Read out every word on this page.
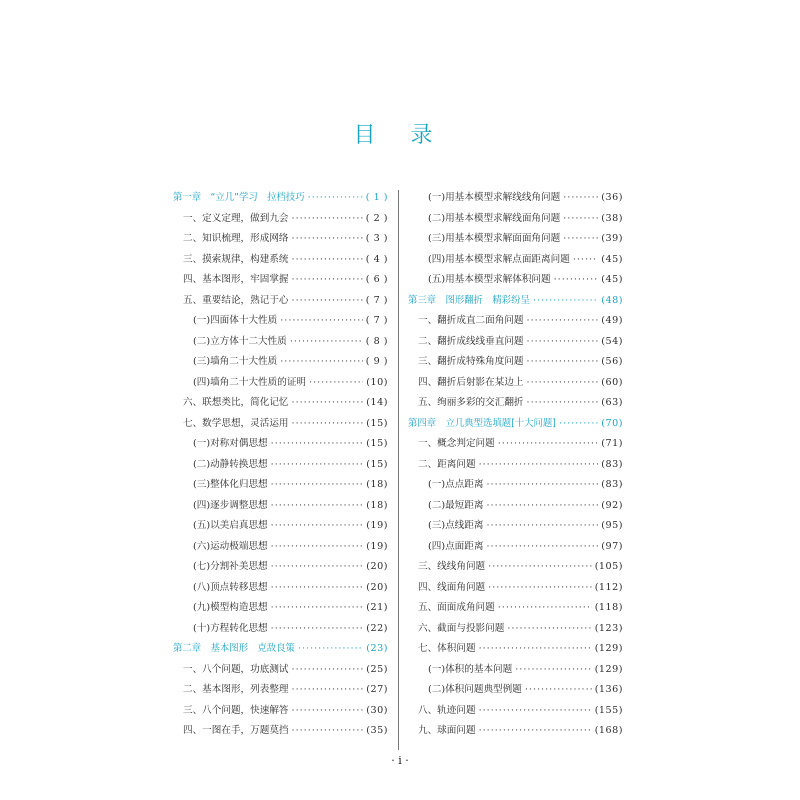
目 录
第一章　“立几”学习　拉档技巧 ·····	( 1 )
一、定义定理，做到九会 ·····	( 2 )
二、知识梳理，形成网络 ·····	( 3 )
三、摸索规律，构建系统 ·····	( 4 )
四、基本图形，牢固掌握 ·····	( 6 )
五、重要结论，熟记于心 ·····	( 7 )
(一)四面体十大性质 ·····	( 7 )
(二)立方体十二大性质 ·····	( 8 )
(三)墙角二十大性质 ·····	( 9 )
(四)墙角二十大性质的证明 ·····	(10)
六、联想类比，简化记忆 ·····	(14)
七、数学思想，灵活运用 ·····	(15)
(一)对称对偶思想 ·····	(15)
(二)动静转换思想 ·····	(15)
(三)整体化归思想 ·····	(18)
(四)逐步调整思想 ·····	(18)
(五)以美启真思想 ·····	(19)
(六)运动极端思想 ·····	(19)
(七)分割补美思想 ·····	(20)
(八)顶点转移思想 ·····	(20)
(九)模型构造思想 ·····	(21)
(十)方程转化思想 ·····	(22)
第二章　基本图形　克敌良策 ·····	(23)
一、八个问题，功底测试 ·····	(25)
二、基本图形，列表整理 ·····	(27)
三、八个问题，快速解答 ·····	(30)
四、一图在手，万题莫挡 ·····	(35)
(一)用基本模型求解线线角问题 ·····	(36)
(二)用基本模型求解线面角问题 ·····	(38)
(三)用基本模型求解面面角问题 ·····	(39)
(四)用基本模型求解点面距离问题 ·····	(45)
(五)用基本模型求解体积问题 ·····	(45)
第三章　图形翻折　精彩纷呈 ·····	(48)
一、翻折成直二面角问题 ·····	(49)
二、翻折成线线垂直问题 ·····	(54)
三、翻折成特殊角度问题 ·····	(56)
四、翻折后射影在某边上 ·····	(60)
五、绚丽多彩的交汇翻折 ·····	(63)
第四章　立几典型选填题[十大问题] ·····	(70)
一、概念判定问题 ·····	(71)
二、距离问题 ·····	(83)
(一)点点距离 ·····	(83)
(二)最短距离 ·····	(92)
(三)点线距离 ·····	(95)
(四)点面距离 ·····	(97)
三、线线角问题 ·····	(105)
四、线面角问题 ·····	(112)
五、面面成角问题 ·····	(118)
六、截面与投影问题 ·····	(123)
七、体积问题 ·····	(129)
(一)体积的基本问题 ·····	(129)
(二)体积问题典型例题 ·····	(136)
八、轨迹问题 ·····	(155)
九、球面问题 ·····	(168)
· i ·
